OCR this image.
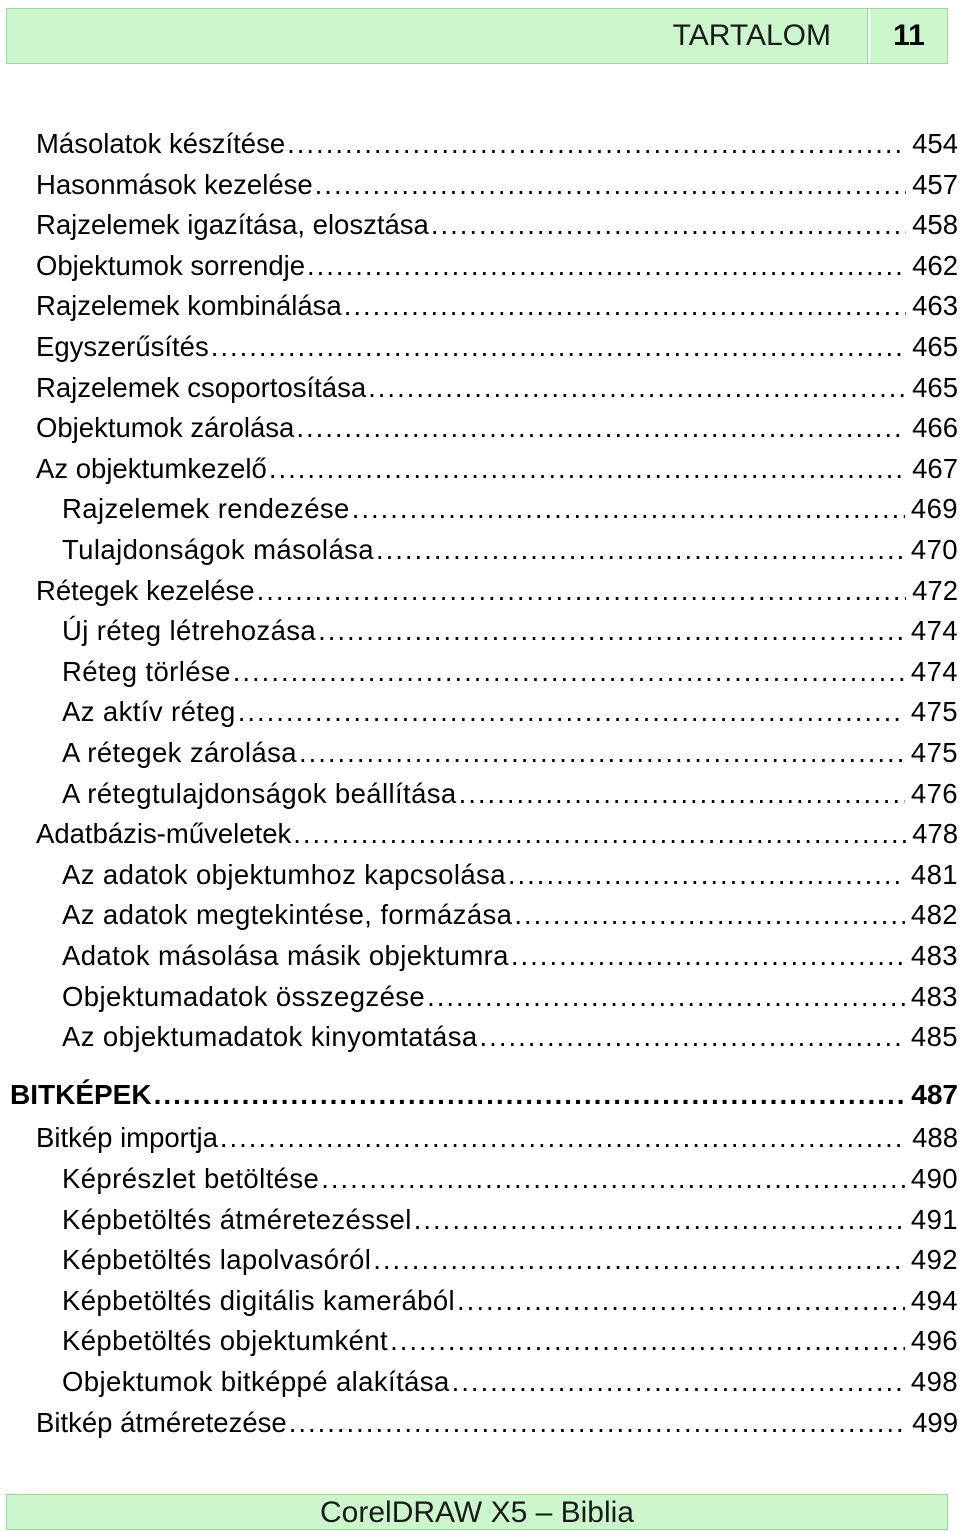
TARTALOM	11
Másolatok készítése .....	454
Hasonmások kezelése .....	457
Rajzelemek igazítása, elosztása .....	458
Objektumok sorrendje .....	462
Rajzelemek kombinálása .....	463
Egyszerűsítés .....	465
Rajzelemek csoportosítása .....	465
Objektumok zárolása .....	466
Az objektumkezelő .....	467
Rajzelemek rendezése .....	469
Tulajdonságok másolása .....	470
Rétegek kezelése .....	472
Új réteg létrehozása .....	474
Réteg törlése .....	474
Az aktív réteg .....	475
A rétegek zárolása .....	475
A rétegtulajdonságok beállítása .....	476
Adatbázis-műveletek .....	478
Az adatok objektumhoz kapcsolása .....	481
Az adatok megtekintése, formázása .....	482
Adatok másolása másik objektumra .....	483
Objektumadatok összegzése .....	483
Az objektumadatok kinyomtatása .....	485
BITKÉPEK .....	487
Bitkép importja .....	488
Képrészlet betöltése .....	490
Képbetöltés átméretezéssel .....	491
Képbetöltés lapolvasóról .....	492
Képbetöltés digitális kamerából .....	494
Képbetöltés objektumként .....	496
Objektumok bitképpé alakítása .....	498
Bitkép átméretezése .....	499
CorelDRAW X5 – Biblia
